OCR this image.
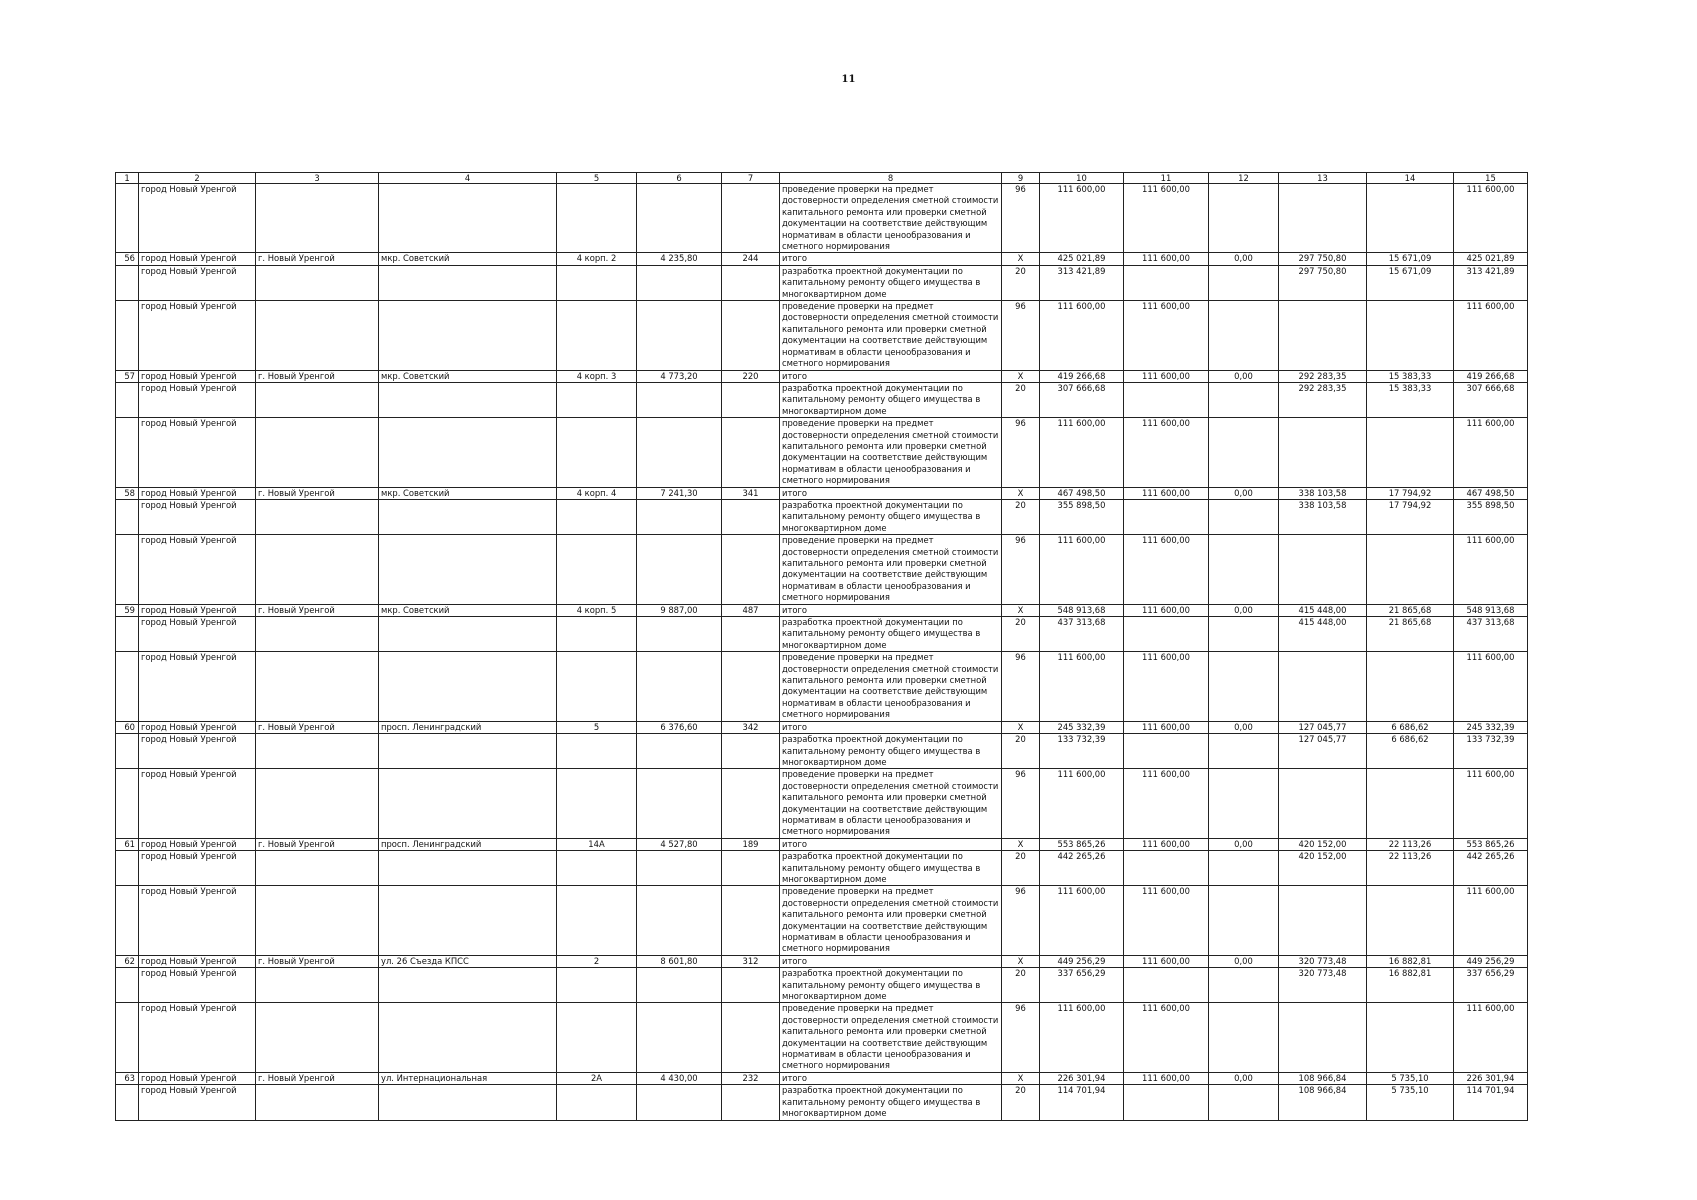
11
1	2	3	4	5	6	7	8	9	10	11	12	13	14	15
	город Новый Уренгой						проведение проверки на предмет достоверности определения сметной стоимости капитального ремонта или проверки сметной документации на соответствие действующим нормативам в области ценообразования и сметного нормирования	96	111 600,00	111 600,00				111 600,00
56	город Новый Уренгой	г. Новый Уренгой	мкр. Советский	4 корп. 2	4 235,80	244	итого	X	425 021,89	111 600,00	0,00	297 750,80	15 671,09	425 021,89
	город Новый Уренгой						разработка проектной документации по капитальному ремонту общего имущества в многоквартирном доме	20	313 421,89			297 750,80	15 671,09	313 421,89
	город Новый Уренгой						проведение проверки на предмет достоверности определения сметной стоимости капитального ремонта или проверки сметной документации на соответствие действующим нормативам в области ценообразования и сметного нормирования	96	111 600,00	111 600,00				111 600,00
57	город Новый Уренгой	г. Новый Уренгой	мкр. Советский	4 корп. 3	4 773,20	220	итого	X	419 266,68	111 600,00	0,00	292 283,35	15 383,33	419 266,68
	город Новый Уренгой						разработка проектной документации по капитальному ремонту общего имущества в многоквартирном доме	20	307 666,68			292 283,35	15 383,33	307 666,68
	город Новый Уренгой						проведение проверки на предмет достоверности определения сметной стоимости капитального ремонта или проверки сметной документации на соответствие действующим нормативам в области ценообразования и сметного нормирования	96	111 600,00	111 600,00				111 600,00
58	город Новый Уренгой	г. Новый Уренгой	мкр. Советский	4 корп. 4	7 241,30	341	итого	X	467 498,50	111 600,00	0,00	338 103,58	17 794,92	467 498,50
	город Новый Уренгой						разработка проектной документации по капитальному ремонту общего имущества в многоквартирном доме	20	355 898,50			338 103,58	17 794,92	355 898,50
	город Новый Уренгой						проведение проверки на предмет достоверности определения сметной стоимости капитального ремонта или проверки сметной документации на соответствие действующим нормативам в области ценообразования и сметного нормирования	96	111 600,00	111 600,00				111 600,00
59	город Новый Уренгой	г. Новый Уренгой	мкр. Советский	4 корп. 5	9 887,00	487	итого	X	548 913,68	111 600,00	0,00	415 448,00	21 865,68	548 913,68
	город Новый Уренгой						разработка проектной документации по капитальному ремонту общего имущества в многоквартирном доме	20	437 313,68			415 448,00	21 865,68	437 313,68
	город Новый Уренгой						проведение проверки на предмет достоверности определения сметной стоимости капитального ремонта или проверки сметной документации на соответствие действующим нормативам в области ценообразования и сметного нормирования	96	111 600,00	111 600,00				111 600,00
60	город Новый Уренгой	г. Новый Уренгой	просп. Ленинградский	5	6 376,60	342	итого	X	245 332,39	111 600,00	0,00	127 045,77	6 686,62	245 332,39
	город Новый Уренгой						разработка проектной документации по капитальному ремонту общего имущества в многоквартирном доме	20	133 732,39			127 045,77	6 686,62	133 732,39
	город Новый Уренгой						проведение проверки на предмет достоверности определения сметной стоимости капитального ремонта или проверки сметной документации на соответствие действующим нормативам в области ценообразования и сметного нормирования	96	111 600,00	111 600,00				111 600,00
61	город Новый Уренгой	г. Новый Уренгой	просп. Ленинградский	14А	4 527,80	189	итого	X	553 865,26	111 600,00	0,00	420 152,00	22 113,26	553 865,26
	город Новый Уренгой						разработка проектной документации по капитальному ремонту общего имущества в многоквартирном доме	20	442 265,26			420 152,00	22 113,26	442 265,26
	город Новый Уренгой						проведение проверки на предмет достоверности определения сметной стоимости капитального ремонта или проверки сметной документации на соответствие действующим нормативам в области ценообразования и сметного нормирования	96	111 600,00	111 600,00				111 600,00
62	город Новый Уренгой	г. Новый Уренгой	ул. 26 Съезда КПСС	2	8 601,80	312	итого	X	449 256,29	111 600,00	0,00	320 773,48	16 882,81	449 256,29
	город Новый Уренгой						разработка проектной документации по капитальному ремонту общего имущества в многоквартирном доме	20	337 656,29			320 773,48	16 882,81	337 656,29
	город Новый Уренгой						проведение проверки на предмет достоверности определения сметной стоимости капитального ремонта или проверки сметной документации на соответствие действующим нормативам в области ценообразования и сметного нормирования	96	111 600,00	111 600,00				111 600,00
63	город Новый Уренгой	г. Новый Уренгой	ул. Интернациональная	2А	4 430,00	232	итого	X	226 301,94	111 600,00	0,00	108 966,84	5 735,10	226 301,94
	город Новый Уренгой						разработка проектной документации по капитальному ремонту общего имущества в многоквартирном доме	20	114 701,94			108 966,84	5 735,10	114 701,94
